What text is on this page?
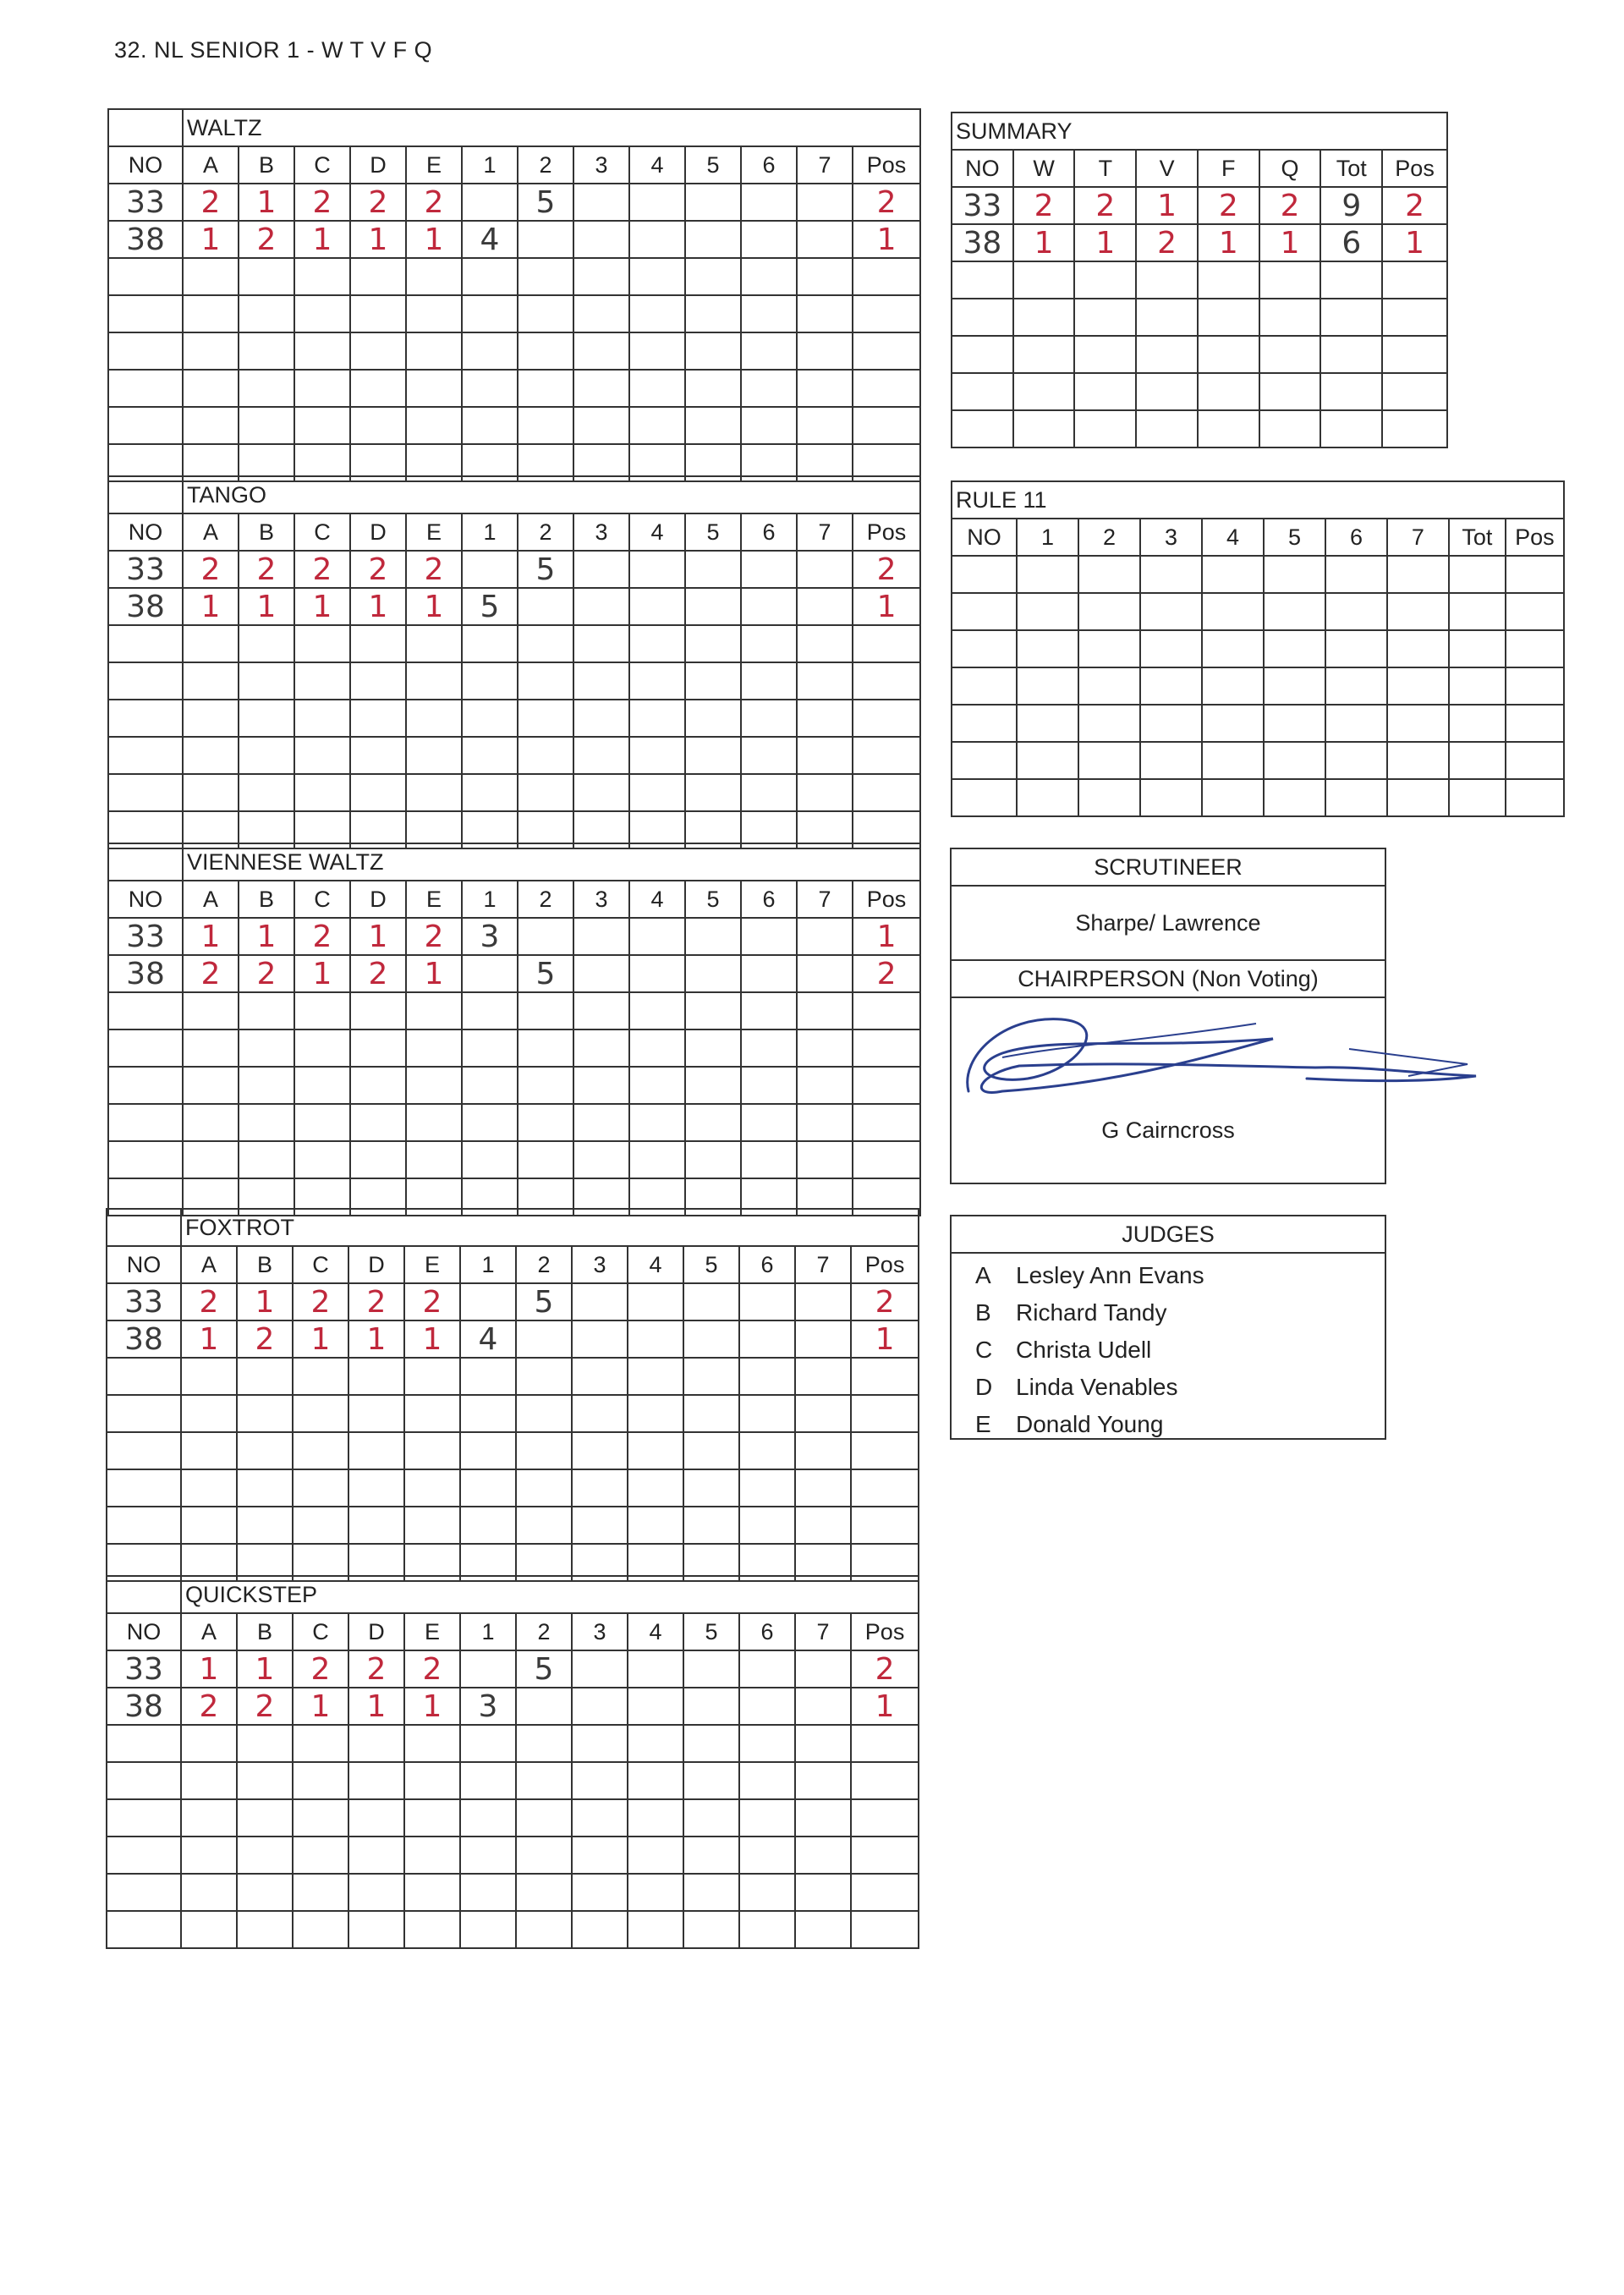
32. NL SENIOR 1 - W T V F Q
	WALTZ												
NO	A	B	C	D	E	1	2	3	4	5	6	7	Pos
33	2	1	2	2	2		5						2

38	1	2	1	1	1	4							1

	TANGO												
NO	A	B	C	D	E	1	2	3	4	5	6	7	Pos
33	2	2	2	2	2		5						2

38	1	1	1	1	1	5							1

	VIENNESE WALTZ												
NO	A	B	C	D	E	1	2	3	4	5	6	7	Pos
33	1	1	2	1	2	3							1

38	2	2	1	2	1		5						2

	FOXTROT												
NO	A	B	C	D	E	1	2	3	4	5	6	7	Pos
33	2	1	2	2	2		5						2

38	1	2	1	1	1	4							1

	QUICKSTEP												
NO	A	B	C	D	E	1	2	3	4	5	6	7	Pos
33	1	1	2	2	2		5						2

38	2	2	1	1	1	3							1

SUMMARY							
NO	W	T	V	F	Q	Tot	Pos
33	2	2	1	2	2	9	2

38	1	1	2	1	1	6	1

RULE 11									
NO	1	2	3	4	5	6	7	Tot	Pos

SCRUTINEER
Sharpe/ Lawrence
CHAIRPERSON (Non Voting)
G Cairncross
JUDGES
A	Lesley Ann Evans
B	Richard Tandy
C Christa Udell
D Linda Venables
E	Donald Young
